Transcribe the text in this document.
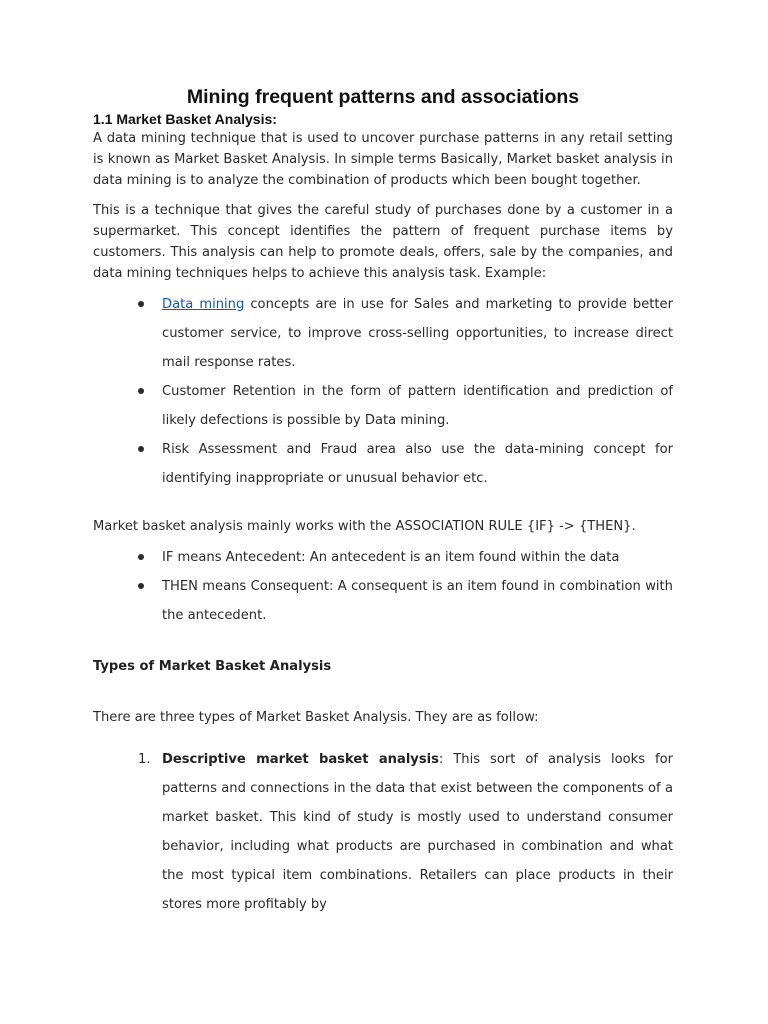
Mining frequent patterns and associations
1.1 Market Basket Analysis:

A data mining technique that is used to uncover purchase patterns in any retail setting is known as Market Basket Analysis. In simple terms Basically, Market basket analysis in data mining is to analyze the combination of products which been bought together.

This is a technique that gives the careful study of purchases done by a customer in a supermarket. This concept identifies the pattern of frequent purchase items by customers. This analysis can help to promote deals, offers, sale by the companies, and data mining techniques helps to achieve this analysis task. Example:

Data mining concepts are in use for Sales and marketing to provide better customer service, to improve cross-selling opportunities, to increase direct mail response rates.
Customer Retention in the form of pattern identification and prediction of likely defections is possible by Data mining.
Risk Assessment and Fraud area also use the data-mining concept for identifying inappropriate or unusual behavior etc.

Market basket analysis mainly works with the ASSOCIATION RULE {IF} -> {THEN}.

IF means Antecedent: An antecedent is an item found within the data
THEN means Consequent: A consequent is an item found in combination with the antecedent.

Types of Market Basket Analysis

There are three types of Market Basket Analysis. They are as follow:

1. Descriptive market basket analysis: This sort of analysis looks for patterns and connections in the data that exist between the components of a market basket. This kind of study is mostly used to understand consumer behavior, including what products are purchased in combination and what the most typical item combinations. Retailers can place products in their stores more profitably by
